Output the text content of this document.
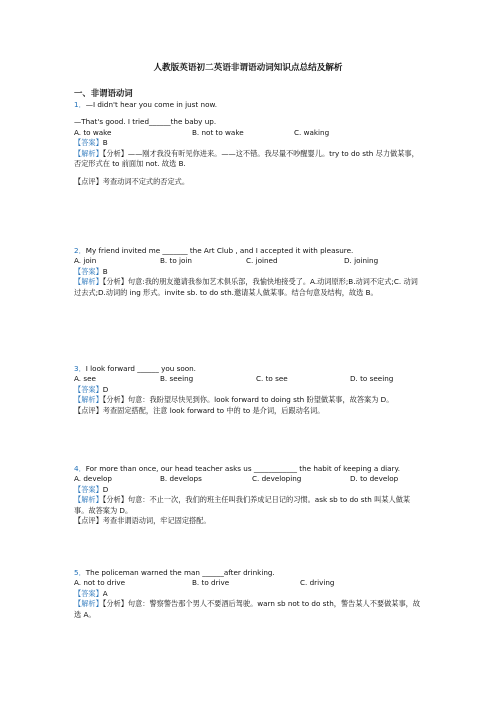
人教版英语初二英语非谓语动词知识点总结及解析
一、非谓语动词
1．—I didn't hear you come in just now.
—That's good. I tried______the baby up.
A. to wake	B. not to wake	C. waking
【答案】B
【解析】【分析】——刚才我没有听见你进来。——这不错。我尽量不吵醒婴儿。try to do sth 尽力做某事，否定形式在 to 前面加 not. 故选 B.
【点评】考查动词不定式的否定式。
2．My friend invited me _______ the Art Club , and I accepted it with pleasure.
A. join	B. to join	C. joined	D. joining
【答案】B
【解析】【分析】句意:我的朋友邀请我参加艺术俱乐部，我愉快地接受了。A.动词原形;B.动词不定式;C. 动词过去式;D.动词的 ing 形式。invite sb. to do sth.邀请某人做某事。结合句意及结构，故选 B。
3．I look forward ______ you soon.
A. see	B. seeing	C. to see	D. to seeing
【答案】D
【解析】【分析】句意：我盼望尽快见到你。look forward to doing sth 盼望做某事，故答案为 D。
【点评】考查固定搭配，注意 look forward to 中的 to 是介词，后跟动名词。
4．For more than once, our head teacher asks us ____________ the habit of keeping a diary.
A. develop	B. develops	C. developing	D. to develop
【答案】D
【解析】【分析】句意：不止一次，我们的班主任叫我们养成记日记的习惯。ask sb to do sth 叫某人做某事。故答案为 D。
【点评】考查非谓语动词，牢记固定搭配。
5．The policeman warned the man ______after drinking.
A. not to drive	B. to drive	C. driving
【答案】A
【解析】【分析】句意：警察警告那个男人不要酒后驾驶。warn sb not to do sth，警告某人不要做某事，故选 A。
